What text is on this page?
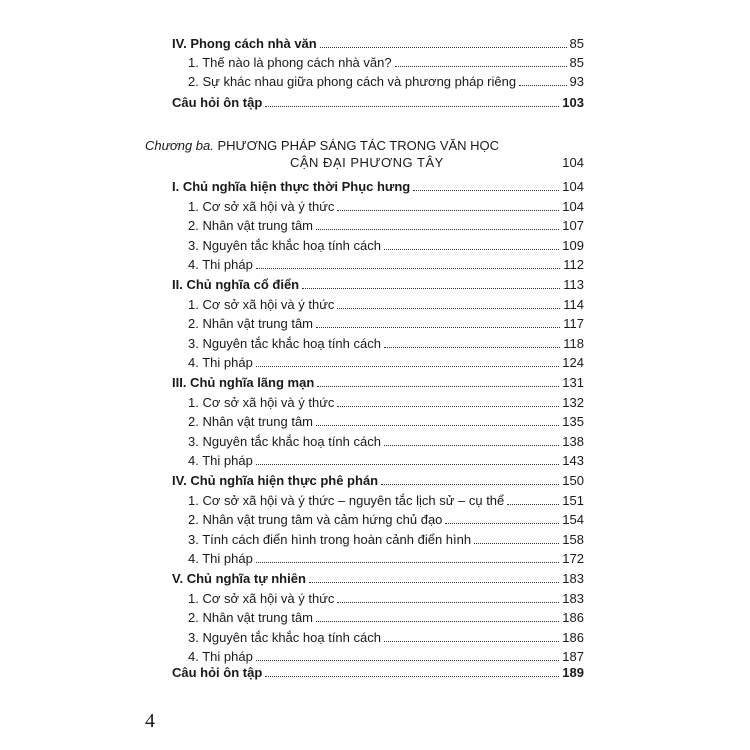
IV. Phong cách nhà văn	85
1. Thế nào là phong cách nhà văn?	85
2. Sự khác nhau giữa phong cách và phương pháp riêng	93
Câu hỏi ôn tập	103
Chương ba. PHƯƠNG PHÁP SÁNG TÁC TRONG VĂN HỌC
CẬN ĐẠI PHƯƠNG TÂY	104
I. Chủ nghĩa hiện thực thời Phục hưng	104
1. Cơ sở xã hội và ý thức	104
2. Nhân vật trung tâm	107
3. Nguyên tắc khắc hoạ tính cách	109
4. Thi pháp	112
II. Chủ nghĩa cổ điển	113
1. Cơ sở xã hội và ý thức	114
2. Nhân vật trung tâm	117
3. Nguyên tắc khắc hoạ tính cách	118
4. Thi pháp	124
III. Chủ nghĩa lãng mạn	131
1. Cơ sở xã hội và ý thức	132
2. Nhân vật trung tâm	135
3. Nguyên tắc khắc hoạ tính cách	138
4. Thi pháp	143
IV. Chủ nghĩa hiện thực phê phán	150
1. Cơ sở xã hội và ý thức – nguyên tắc lịch sử – cụ thể	151
2. Nhân vật trung tâm và cảm hứng chủ đạo	154
3. Tính cách điển hình trong hoàn cảnh điển hình	158
4. Thi pháp	172
V. Chủ nghĩa tự nhiên	183
1. Cơ sở xã hội và ý thức	183
2. Nhân vật trung tâm	186
3. Nguyên tắc khắc hoạ tính cách	186
4. Thi pháp	187
Câu hỏi ôn tập	189
4
